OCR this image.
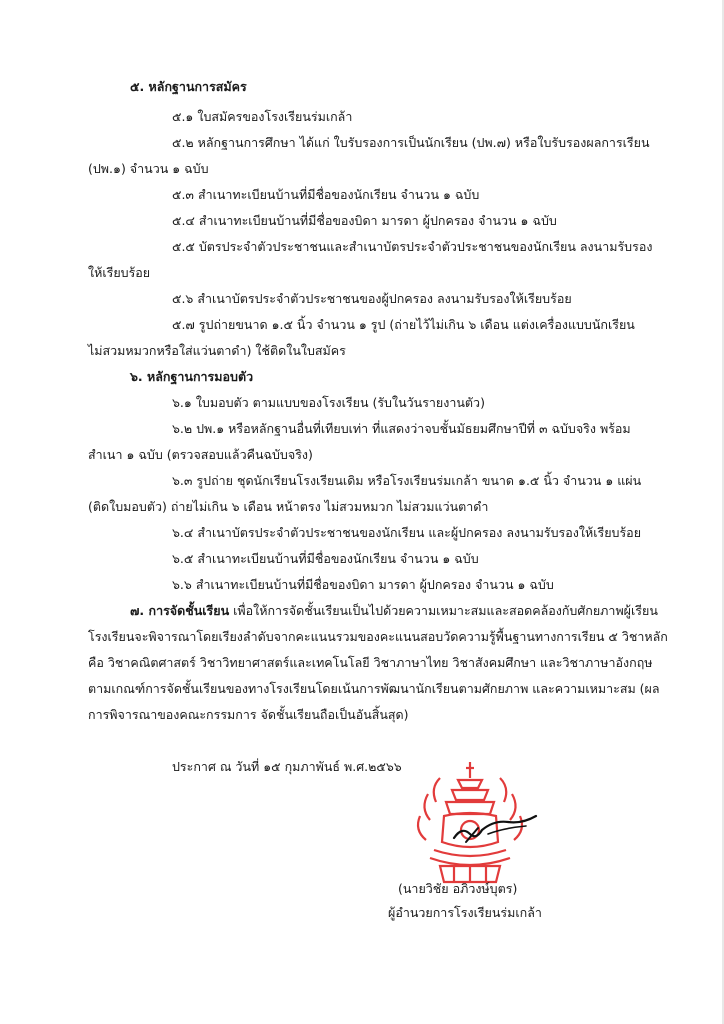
๕. หลักฐานการสมัคร
๕.๑ ใบสมัครของโรงเรียนร่มเกล้า
๕.๒ หลักฐานการศึกษา ได้แก่ ใบรับรองการเป็นนักเรียน (ปพ.๗) หรือใบรับรองผลการเรียน
(ปพ.๑) จำนวน ๑ ฉบับ
๕.๓ สำเนาทะเบียนบ้านที่มีชื่อของนักเรียน จำนวน ๑ ฉบับ
๕.๔ สำเนาทะเบียนบ้านที่มีชื่อของบิดา มารดา ผู้ปกครอง จำนวน ๑ ฉบับ
๕.๕ บัตรประจำตัวประชาชนและสำเนาบัตรประจำตัวประชาชนของนักเรียน ลงนามรับรอง
ให้เรียบร้อย
๕.๖ สำเนาบัตรประจำตัวประชาชนของผู้ปกครอง ลงนามรับรองให้เรียบร้อย
๕.๗ รูปถ่ายขนาด ๑.๕ นิ้ว จำนวน ๑ รูป (ถ่ายไว้ไม่เกิน ๖ เดือน แต่งเครื่องแบบนักเรียน
ไม่สวมหมวกหรือใส่แว่นตาดำ) ใช้ติดในใบสมัคร
๖. หลักฐานการมอบตัว
๖.๑ ใบมอบตัว ตามแบบของโรงเรียน (รับในวันรายงานตัว)
๖.๒ ปพ.๑ หรือหลักฐานอื่นที่เทียบเท่า ที่แสดงว่าจบชั้นมัธยมศึกษาปีที่ ๓ ฉบับจริง พร้อม
สำเนา ๑ ฉบับ (ตรวจสอบแล้วคืนฉบับจริง)
๖.๓ รูปถ่าย ชุดนักเรียนโรงเรียนเดิม หรือโรงเรียนร่มเกล้า ขนาด ๑.๕ นิ้ว จำนวน ๑ แผ่น
(ติดใบมอบตัว) ถ่ายไม่เกิน ๖ เดือน หน้าตรง ไม่สวมหมวก ไม่สวมแว่นตาดำ
๖.๔ สำเนาบัตรประจำตัวประชาชนของนักเรียน และผู้ปกครอง ลงนามรับรองให้เรียบร้อย
๖.๕ สำเนาทะเบียนบ้านที่มีชื่อของนักเรียน จำนวน ๑ ฉบับ
๖.๖ สำเนาทะเบียนบ้านที่มีชื่อของบิดา มารดา ผู้ปกครอง จำนวน ๑ ฉบับ
๗. การจัดชั้นเรียน เพื่อให้การจัดชั้นเรียนเป็นไปด้วยความเหมาะสมและสอดคล้องกับศักยภาพผู้เรียน
โรงเรียนจะพิจารณาโดยเรียงลำดับจากคะแนนรวมของคะแนนสอบวัดความรู้พื้นฐานทางการเรียน ๕ วิชาหลัก
คือ วิชาคณิตศาสตร์ วิชาวิทยาศาสตร์และเทคโนโลยี วิชาภาษาไทย วิชาสังคมศึกษา และวิชาภาษาอังกฤษ
ตามเกณฑ์การจัดชั้นเรียนของทางโรงเรียนโดยเน้นการพัฒนานักเรียนตามศักยภาพ และความเหมาะสม (ผล
การพิจารณาของคณะกรรมการ จัดชั้นเรียนถือเป็นอันสิ้นสุด)
ประกาศ ณ วันที่ ๑๕ กุมภาพันธ์ พ.ศ.๒๕๖๖
(นายวิชัย อภิวงษ์บุตร)
ผู้อำนวยการโรงเรียนร่มเกล้า
